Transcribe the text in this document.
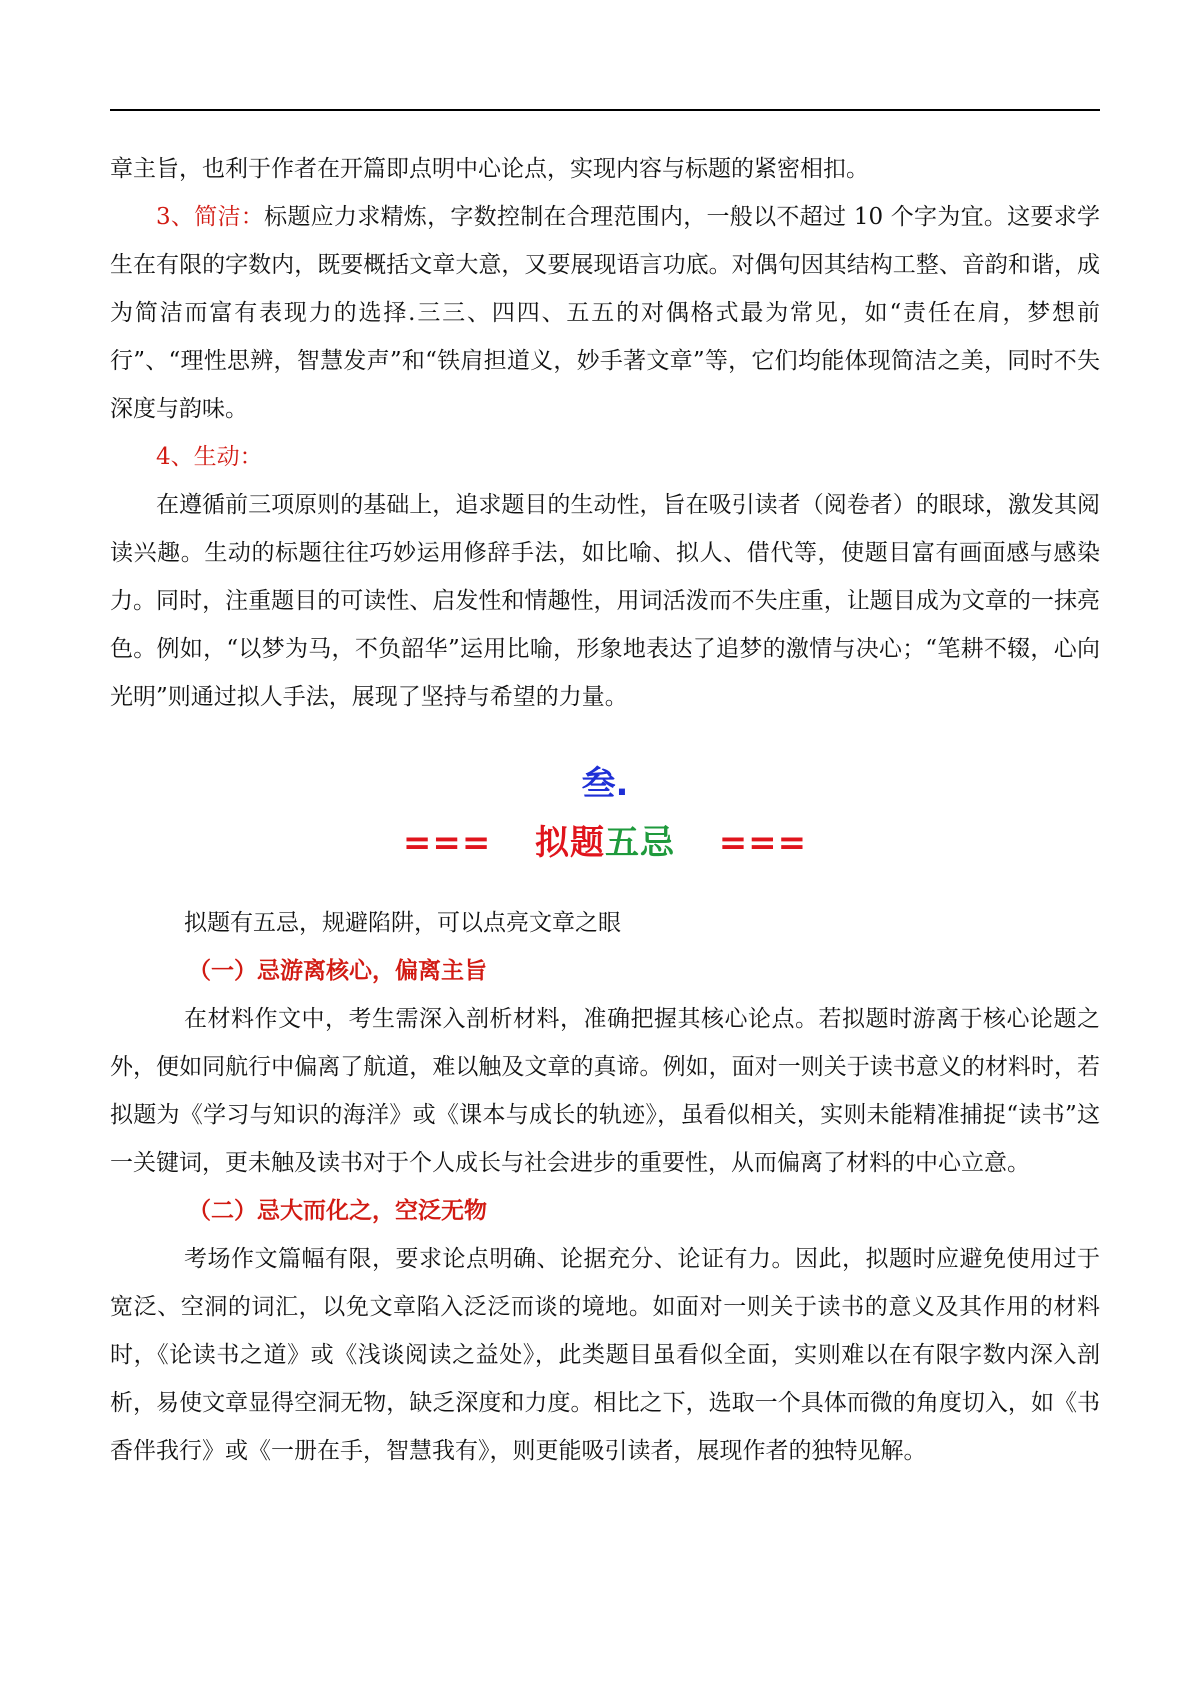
章主旨，也利于作者在开篇即点明中心论点，实现内容与标题的紧密相扣。

3、简洁：标题应力求精炼，字数控制在合理范围内，一般以不超过 10 个字为宜。这要求学生在有限的字数内，既要概括文章大意，又要展现语言功底。对偶句因其结构工整、音韵和谐，成为简洁而富有表现力的选择.三三、四四、五五的对偶格式最为常见，如“责任在肩，梦想前行”、“理性思辨，智慧发声”和“铁肩担道义，妙手著文章”等，它们均能体现简洁之美，同时不失深度与韵味。

4、生动：

在遵循前三项原则的基础上，追求题目的生动性，旨在吸引读者（阅卷者）的眼球，激发其阅读兴趣。生动的标题往往巧妙运用修辞手法，如比喻、拟人、借代等，使题目富有画面感与感染力。同时，注重题目的可读性、启发性和情趣性，用词活泼而不失庄重，让题目成为文章的一抹亮色。例如，“以梦为马，不负韶华”运用比喻，形象地表达了追梦的激情与决心；“笔耕不辍，心向光明”则通过拟人手法，展现了坚持与希望的力量。

叁.
=== 拟题五忌 ===

拟题有五忌，规避陷阱，可以点亮文章之眼

（一）忌游离核心，偏离主旨

在材料作文中，考生需深入剖析材料，准确把握其核心论点。若拟题时游离于核心论题之外，便如同航行中偏离了航道，难以触及文章的真谛。例如，面对一则关于读书意义的材料时，若拟题为《学习与知识的海洋》或《课本与成长的轨迹》，虽看似相关，实则未能精准捕捉“读书”这一关键词，更未触及读书对于个人成长与社会进步的重要性，从而偏离了材料的中心立意。

（二）忌大而化之，空泛无物

考场作文篇幅有限，要求论点明确、论据充分、论证有力。因此，拟题时应避免使用过于宽泛、空洞的词汇，以免文章陷入泛泛而谈的境地。如面对一则关于读书的意义及其作用的材料时，《论读书之道》或《浅谈阅读之益处》，此类题目虽看似全面，实则难以在有限字数内深入剖析，易使文章显得空洞无物，缺乏深度和力度。相比之下，选取一个具体而微的角度切入，如《书香伴我行》或《一册在手，智慧我有》，则更能吸引读者，展现作者的独特见解。
